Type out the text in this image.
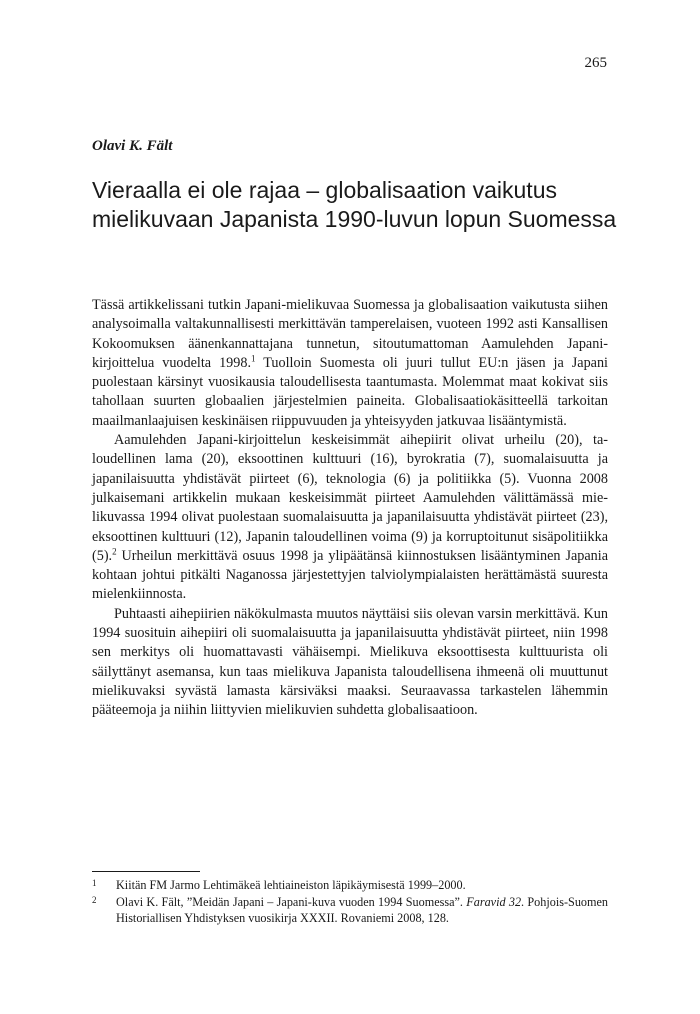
265
Olavi K. Fält
Vieraalla ei ole rajaa – globalisaation vaikutus
mielikuvaan Japanista 1990-luvun lopun Suomessa

Tässä artikkelissani tutkin Japani-mielikuvaa Suomessa ja globalisaation vaikutusta siihen analysoimalla valtakunnallisesti merkittävän tamperelaisen, vuoteen 1992 asti Kansallisen Kokoomuksen äänenkannattajana tunnetun, sitoutumattoman Aamulehden Japani-kirjoittelua vuodelta 1998.$^1$ Tuolloin Suomesta oli juuri tullut EU:n jäsen ja Japani puolestaan kärsinyt vuosikausia taloudellisesta taantumasta. Molemmat maat kokivat siis tahollaan suurten globaalien järjestelmien paineita. Globalisaatiokäsitteellä tarkoitan maailmanlaajuisen keskinäisen riippuvuuden ja yhteisyyden jatkuvaa lisääntymistä.

Aamulehden Japani-kirjoittelun keskeisimmät aihepiirit olivat urheilu (20), taloudellinen lama (20), eksoottinen kulttuuri (16), byrokratia (7), suomalaisuutta ja japanilaisuutta yhdistävät piirteet (6), teknologia (6) ja politiikka (5). Vuonna 2008 julkaisemani artikkelin mukaan keskeisimmät piirteet Aamulehden välittämässä mielikuvassa 1994 olivat puolestaan suomalaisuutta ja japanilaisuutta yhdistävät piirteet (23), eksoottinen kulttuuri (12), Japanin taloudellinen voima (9) ja korruptoitunut sisäpolitiikka (5).$^2$ Urheilun merkittävä osuus 1998 ja ylipäätänsä kiinnostuksen lisääntyminen Japania kohtaan johtui pitkälti Naganossa järjestettyjen talviolympialaisten herättämästä suuresta mielenkiinnosta.

Puhtaasti aihepiirien näkökulmasta muutos näyttäisi siis olevan varsin merkittävä. Kun 1994 suosituin aihepiiri oli suomalaisuutta ja japanilaisuutta yhdistävät piirteet, niin 1998 sen merkitys oli huomattavasti vähäisempi. Mielikuva eksoottisesta kulttuurista oli säilyttänyt asemansa, kun taas mielikuva Japanista taloudellisena ihmeenä oli muuttunut mielikuvaksi syvästä lamasta kärsiväksi maaksi. Seuraavassa tarkastelen lähemmin pääteemoja ja niihin liittyvien mielikuvien suhdetta globalisaatioon.

1 Kiitän FM Jarmo Lehtimäkeä lehtiaineiston läpikäymisestä 1999–2000.
2 Olavi K. Fält, ”Meidän Japani – Japani-kuva vuoden 1994 Suomessa”. Faravid 32. Pohjois-Suomen Historiallisen Yhdistyksen vuosikirja XXXII. Rovaniemi 2008, 128.
